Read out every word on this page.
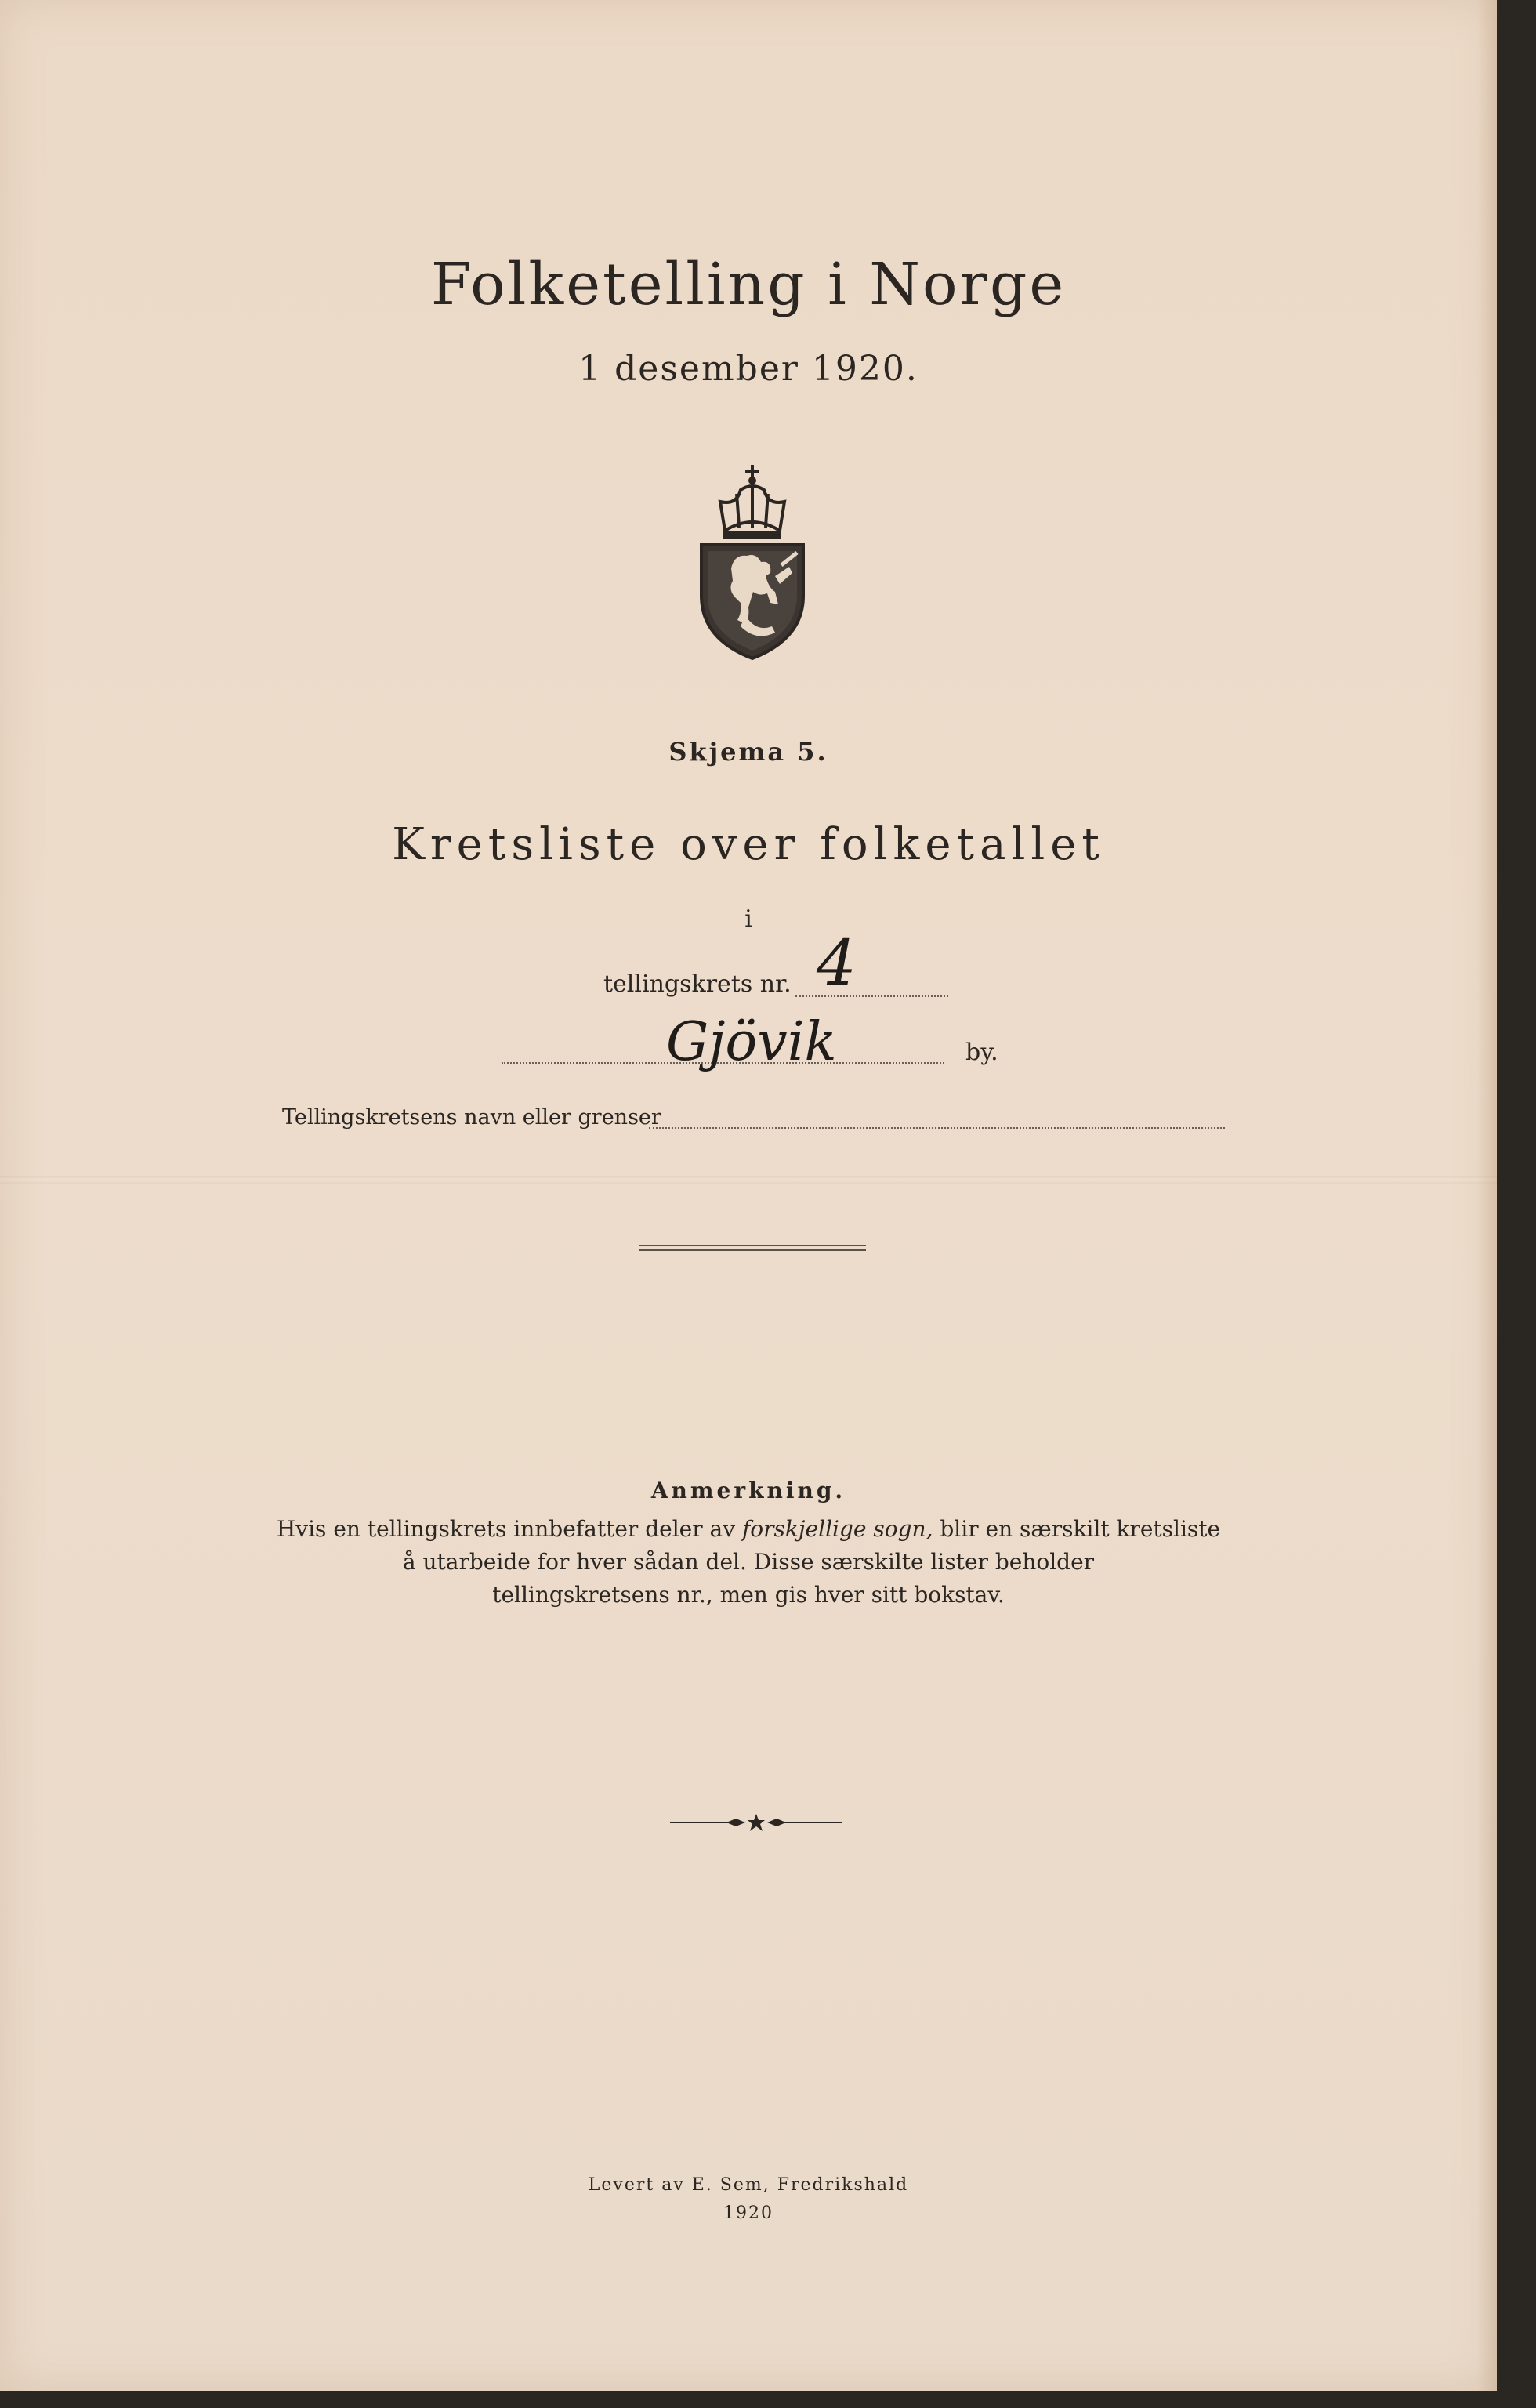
Folketelling i Norge
1 desember 1920.
Skjema 5.
Kretsliste over folketallet
i
tellingskrets nr. 4
Gjövik	by.
Tellingskretsens navn eller grenser
Anmerkning.
Hvis en tellingskrets innbefatter deler av forskjellige sogn, blir en særskilt kretsliste
å utarbeide for hver sådan del. Disse særskilte lister beholder
tellingskretsens nr., men gis hver sitt bokstav.
Levert av E. Sem, Fredrikshald
1920
